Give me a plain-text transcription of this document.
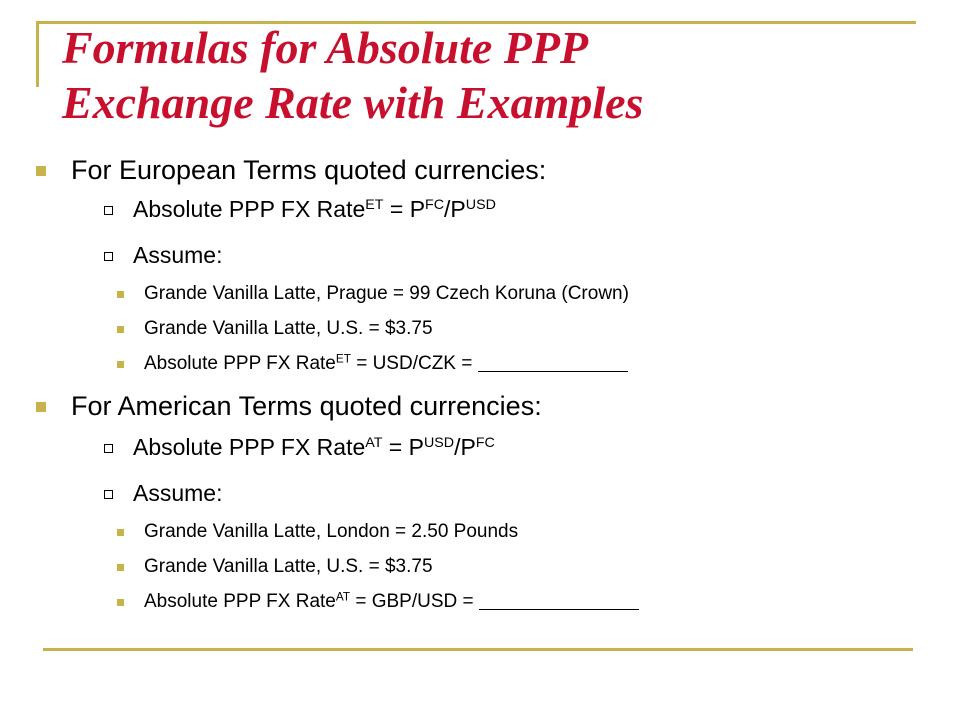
Formulas for Absolute PPP
Exchange Rate with Examples
For European Terms quoted currencies:
Absolute PPP FX Rate$^{ET}$ = $P^{FC}/P^{USD}$
Assume:
Grande Vanilla Latte, Prague = 99 Czech Koruna (Crown)
Grande Vanilla Latte, U.S. = $3.75
Absolute PPP FX Rate$^{ET}$ = USD/CZK =
For American Terms quoted currencies:
Absolute PPP FX Rate$^{AT}$ = $P^{USD}/P^{FC}$
Assume:
Grande Vanilla Latte, London = 2.50 Pounds
Grande Vanilla Latte, U.S. = $3.75
Absolute PPP FX Rate$^{AT}$ = GBP/USD =
